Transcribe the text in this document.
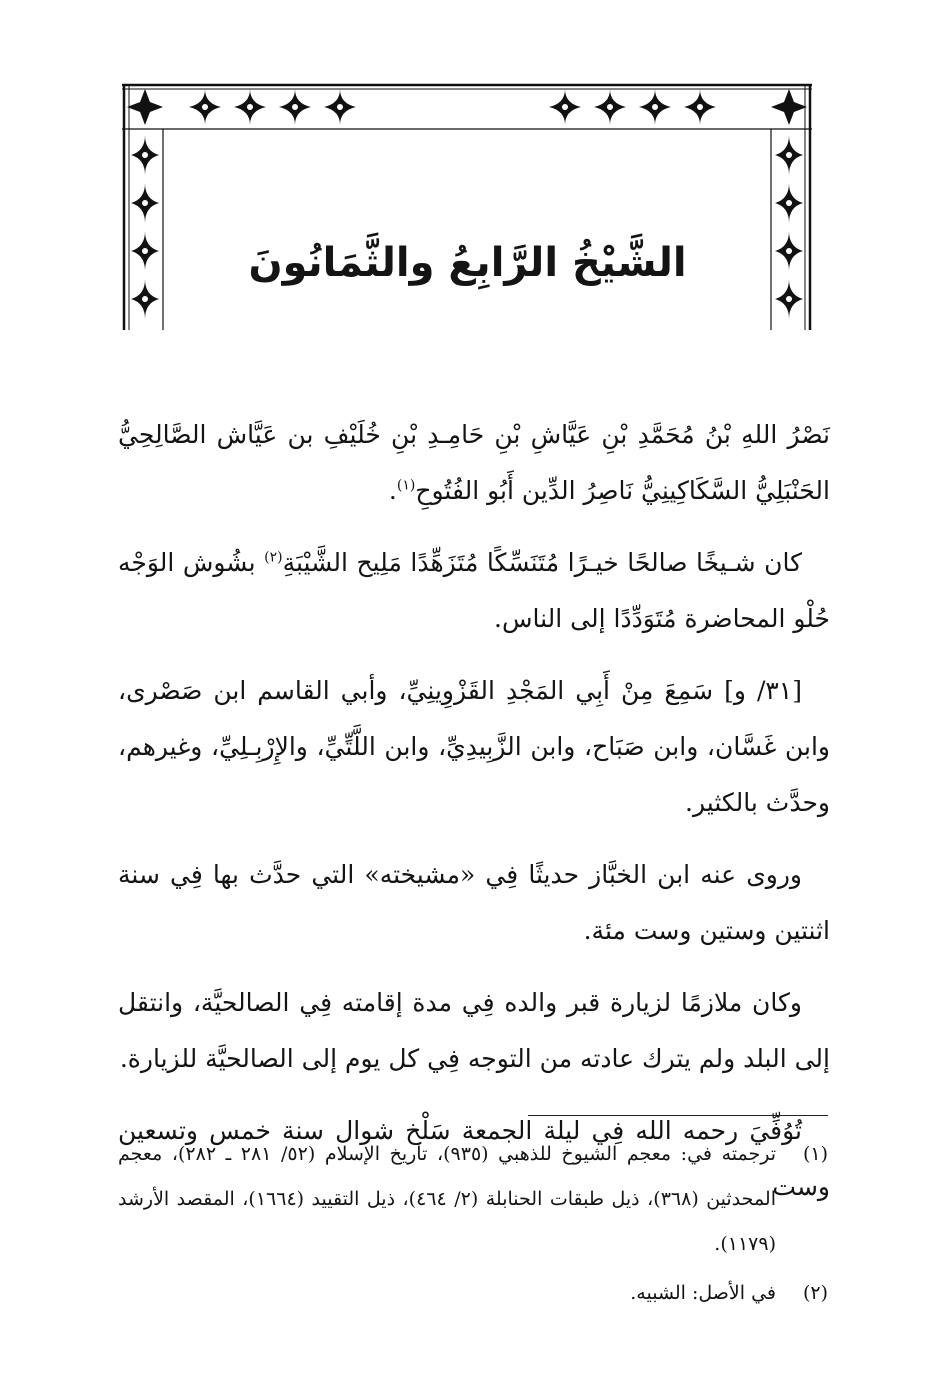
الشَّيْخُ الرَّابِعُ والثَّمَانُونَ

نَصْرُ اللهِ بْنُ مُحَمَّدِ بْنِ عَيَّاشِ بْنِ حَامِـدِ بْنِ خُلَيْفِ بن عَيَّاش الصَّالِحِيُّ الحَنْبَلِيُّ السَّكَاكِينِيُّ نَاصِرُ الدِّين أَبُو الفُتُوحِ$^{(١)}$.

كان شـيخًا صالحًا خيـرًا مُتَنَسِّكًا مُتَزَهِّدًا مَلِيح الشَّيْبَةِ$^{(٢)}$ بشُوش الوَجْه حُلْو المحاضرة مُتَوَدِّدًا إلى الناس.

[٣١/ و] سَمِعَ مِنْ أَبِي المَجْدِ القَزْوِينِيِّ، وأبي القاسم ابن صَصْرى، وابن غَسَّان، وابن صَبَاح، وابن الزَّبِيدِيِّ، وابن اللَّتِّيِّ، والإِرْبِـلِيِّ، وغيرهم، وحدَّث بالكثير.

وروى عنه ابن الخبَّاز حديثًا فِي «مشيخته» التي حدَّث بها فِي سنة اثنتين وستين وست مئة.

وكان ملازمًا لزيارة قبر والده فِي مدة إقامته فِي الصالحيَّة، وانتقل إلى البلد ولم يترك عادته من التوجه فِي كل يوم إلى الصالحيَّة للزيارة.

تُوُفِّيَ رحمه الله فِي ليلة الجمعة سَلْخ شوال سنة خمس وتسعين وست

(١)
ترجمته في: معجم الشيوخ للذهبي (٩٣٥)، تاريخ الإسلام (٥٢/ ٢٨١ ـ ٢٨٢)، معجم المحدثين (٣٦٨)، ذيل طبقات الحنابلة (٢/ ٤٦٤)، ذيل التقييد (١٦٦٤)، المقصد الأرشد (١١٧٩).
(٢)
في الأصل: الشبيه.
